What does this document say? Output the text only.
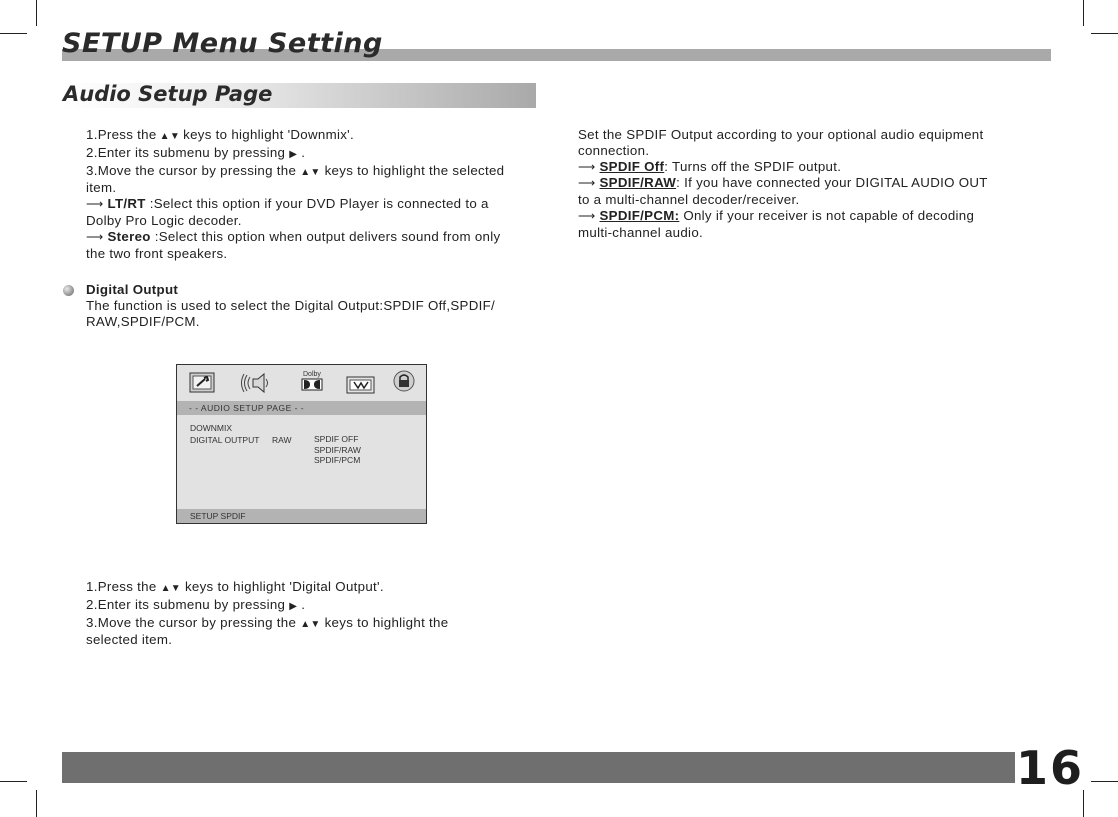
SETUP Menu Setting
Audio Setup Page
1.Press the ▲▼ keys to highlight 'Downmix'.
2.Enter its submenu by pressing ▶ .
3.Move the cursor by pressing the ▲▼ keys to highlight the selected
item.
⟶ LT/RT :Select this option if your DVD Player is connected to a
Dolby Pro Logic decoder.
⟶ Stereo :Select this option when output delivers sound from only
the two front speakers.
Digital Output
The function is used to select the Digital Output:SPDIF Off,SPDIF/
RAW,SPDIF/PCM.
Dolby
- - AUDIO SETUP PAGE - -
DOWNMIX
DIGITAL OUTPUT RAW	SPDIF OFF
SPDIF/RAW
SPDIF/PCM
SETUP SPDIF
1.Press the ▲▼ keys to highlight 'Digital Output'.
2.Enter its submenu by pressing ▶ .
3.Move the cursor by pressing the ▲▼ keys to highlight the
selected item.
Set the SPDIF Output according to your optional audio equipment
connection.
⟶ SPDIF Off: Turns off the SPDIF output.
⟶ SPDIF/RAW: If you have connected your DIGITAL AUDIO OUT
to a multi-channel decoder/receiver.
⟶ SPDIF/PCM: Only if your receiver is not capable of decoding
multi-channel audio.
16
